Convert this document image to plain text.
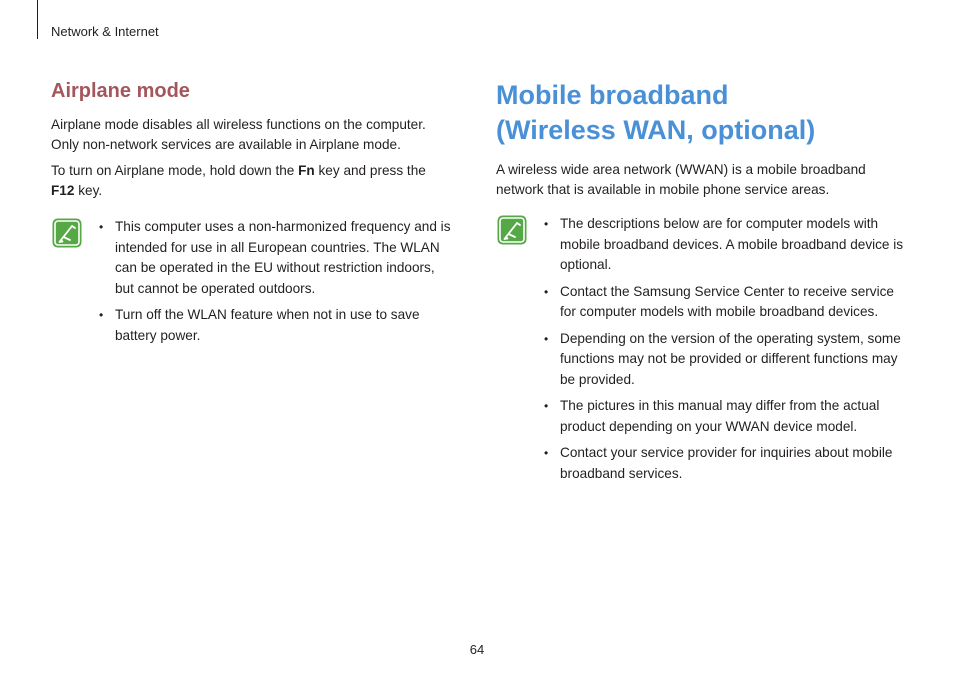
Network & Internet
Airplane mode

Airplane mode disables all wireless functions on the computer. Only non-network services are available in Airplane mode.

To turn on Airplane mode, hold down the Fn key and press the F12 key.

• This computer uses a non-harmonized frequency and is intended for use in all European countries. The WLAN can be operated in the EU without restriction indoors, but cannot be operated outdoors.
• Turn off the WLAN feature when not in use to save battery power.
Mobile broadband
(Wireless WAN, optional)

A wireless wide area network (WWAN) is a mobile broadband network that is available in mobile phone service areas.

• The descriptions below are for computer models with mobile broadband devices. A mobile broadband device is optional.
• Contact the Samsung Service Center to receive service for computer models with mobile broadband devices.
• Depending on the version of the operating system, some functions may not be provided or different functions may be provided.
• The pictures in this manual may differ from the actual product depending on your WWAN device model.
• Contact your service provider for inquiries about mobile broadband services.
64
